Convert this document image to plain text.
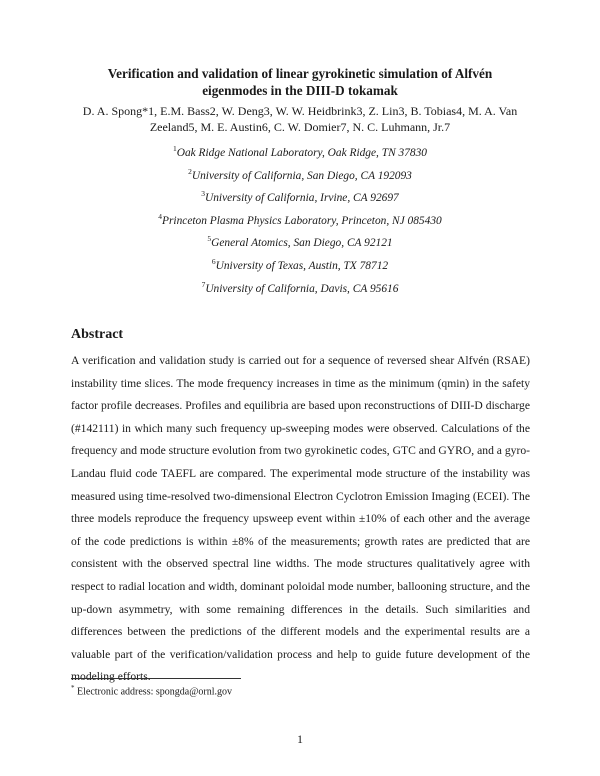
Verification and validation of linear gyrokinetic simulation of Alfvén
eigenmodes in the DIII-D tokamak
D. A. Spong*1, E.M. Bass2, W. Deng3, W. W. Heidbrink3, Z. Lin3, B. Tobias4, M. A. Van
Zeeland5, M. E. Austin6, C. W. Domier7, N. C. Luhmann, Jr.7
$^1$Oak Ridge National Laboratory, Oak Ridge, TN 37830
$^2$University of California, San Diego, CA 192093
$^3$University of California, Irvine, CA 92697
$^4$Princeton Plasma Physics Laboratory, Princeton, NJ 085430
$^5$General Atomics, San Diego, CA 92121
$^6$University of Texas, Austin, TX 78712
$^7$University of California, Davis, CA 95616
Abstract
A verification and validation study is carried out for a sequence of reversed shear Alfvén (RSAE) instability time slices. The mode frequency increases in time as the minimum (qmin) in the safety factor profile decreases. Profiles and equilibria are based upon reconstructions of DIII-D discharge (#142111) in which many such frequency up-sweeping modes were observed. Calculations of the frequency and mode structure evolution from two gyrokinetic codes, GTC and GYRO, and a gyro-Landau fluid code TAEFL are compared. The experimental mode structure of the instability was measured using time-resolved two-dimensional Electron Cyclotron Emission Imaging (ECEI). The three models reproduce the frequency upsweep event within ±10% of each other and the average of the code predictions is within ±8% of the measurements; growth rates are predicted that are consistent with the observed spectral line widths. The mode structures qualitatively agree with respect to radial location and width, dominant poloidal mode number, ballooning structure, and the up-down asymmetry, with some remaining differences in the details. Such similarities and differences between the predictions of the different models and the experimental results are a valuable part of the verification/validation process and help to guide future development of the modeling efforts.
* Electronic address: spongda@ornl.gov
1
